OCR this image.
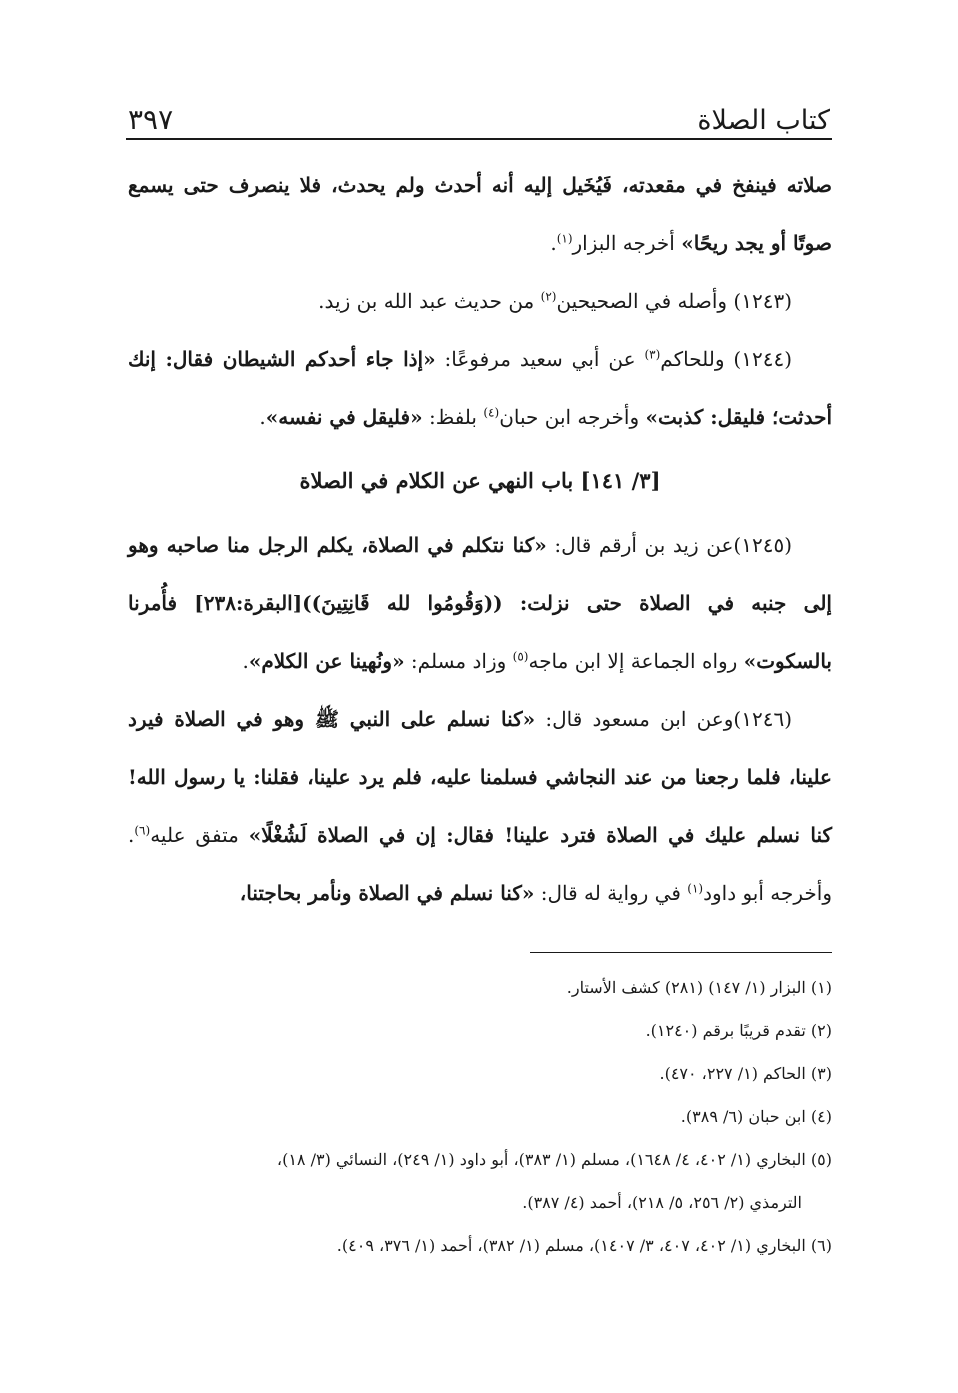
كتاب الصلاة
٣٩٧

صلاته فينفخ في مقعدته، فَيُخَيل إليه أنه أحدث ولم يحدث، فلا ينصرف حتى يسمع صوتًا أو يجد ريحًا» أخرجه البزار$^{(١)}$.

(١٢٤٣) وأصله في الصحيحين$^{(٢)}$ من حديث عبد الله بن زيد.

(١٢٤٤) وللحاكم$^{(٣)}$ عن أبي سعيد مرفوعًا: «إذا جاء أحدكم الشيطان فقال: إنك أحدثت؛ فليقل: كذبت» وأخرجه ابن حبان$^{(٤)}$ بلفظ: «فليقل في نفسه».

[٣/ ١٤١] باب النهي عن الكلام في الصلاة

(١٢٤٥)عن زيد بن أرقم قال: «كنا نتكلم في الصلاة، يكلم الرجل منا صاحبه وهو إلى جنبه في الصلاة حتى نزلت: ((وَقُومُوا لله قَانِتِينَ))[البقرة:٢٣٨] فأُمرنا بالسكوت» رواه الجماعة إلا ابن ماجه$^{(٥)}$ وزاد مسلم: «ونُهينا عن الكلام».

(١٢٤٦)وعن ابن مسعود قال: «كنا نسلم على النبي ﷺ وهو في الصلاة فيرد علينا، فلما رجعنا من عند النجاشي فسلمنا عليه، فلم يرد علينا، فقلنا: يا رسول الله! كنا نسلم عليك في الصلاة فترد علينا! فقال: إن في الصلاة لَشُغْلًا» متفق عليه$^{(٦)}$. وأخرجه أبو داود$^{(١)}$ في رواية له قال: «كنا نسلم في الصلاة ونأمر بحاجتنا،

(١) البزار (١/ ١٤٧) (٢٨١) كشف الأستار.

(٢) تقدم قريبًا برقم (١٢٤٠).

(٣) الحاكم (١/ ٢٢٧، ٤٧٠).

(٤) ابن حبان (٦/ ٣٨٩).

(٥) البخاري (١/ ٤٠٢، ٤/ ١٦٤٨)، مسلم (١/ ٣٨٣)، أبو داود (١/ ٢٤٩)، النسائي (٣/ ١٨)،

الترمذي (٢/ ٢٥٦، ٥/ ٢١٨)، أحمد (٤/ ٣٨٧).

(٦) البخاري (١/ ٤٠٢، ٤٠٧، ٣/ ١٤٠٧)، مسلم (١/ ٣٨٢)، أحمد (١/ ٣٧٦، ٤٠٩).
